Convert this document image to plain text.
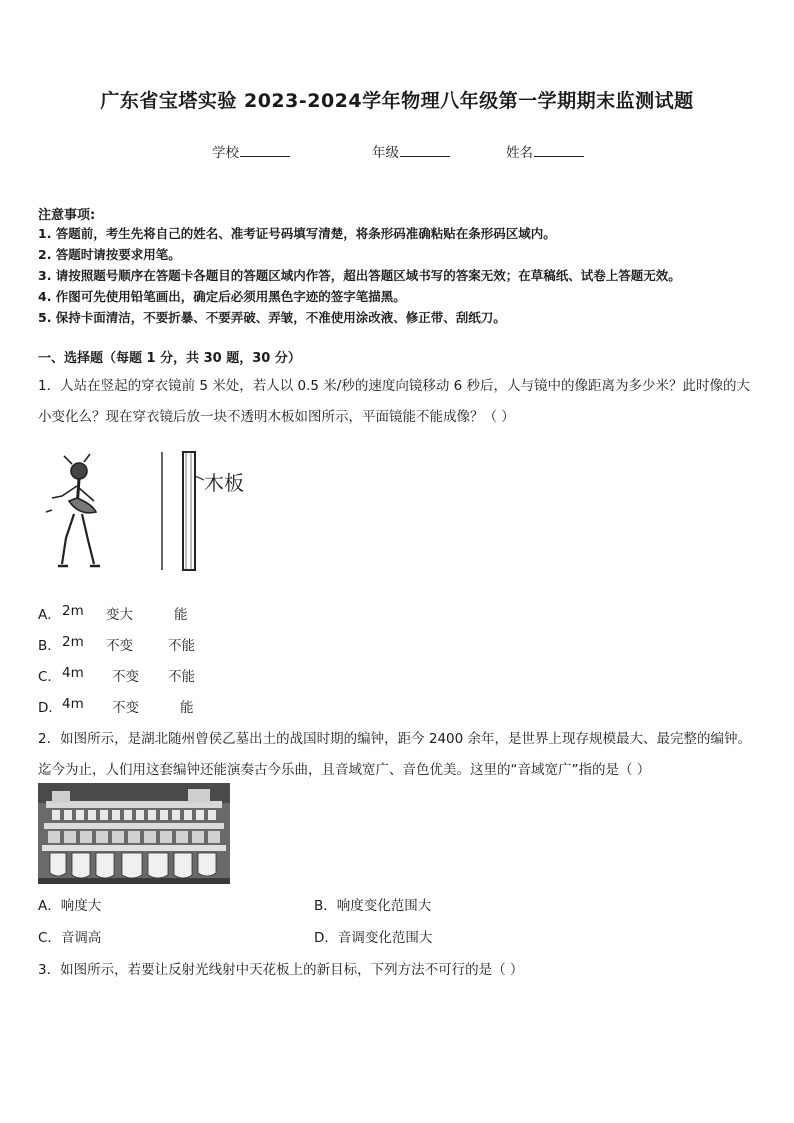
广东省宝塔实验 2023-2024学年物理八年级第一学期期末监测试题
学校	年级	姓名
注意事项:
1. 答题前，考生先将自己的姓名、准考证号码填写清楚，将条形码准确粘贴在条形码区域内。
2. 答题时请按要求用笔。
3. 请按照题号顺序在答题卡各题目的答题区域内作答，超出答题区域书写的答案无效；在草稿纸、试卷上答题无效。
4. 作图可先使用铅笔画出，确定后必须用黑色字迹的签字笔描黑。
5. 保持卡面清洁，不要折暴、不要弄破、弄皱，不准使用涂改液、修正带、刮纸刀。
一、选择题（每题 1 分，共 30 题，30 分）
1．人站在竖起的穿衣镜前 5 米处，若人以 0.5 米/秒的速度向镜移动 6 秒后，人与镜中的像距离为多少米？此时像的大
小变化么？现在穿衣镜后放一块不透明木板如图所示，平面镜能不能成像？（ ）
木板
A． 2m 变大	能
B． 2m 不变	不能
C． 4m 不变 不能
D． 4m 不变	能
2．如图所示，是湖北随州曾侯乙墓出土的战国时期的编钟，距今 2400 余年，是世界上现存规模最大、最完整的编钟。
迄今为止，人们用这套编钟还能演奏古今乐曲，且音域宽广、音色优美。这里的“音域宽广”指的是（ ）
A．响度大	B．响度变化范围大
C．音调高	D．音调变化范围大
3．如图所示，若要让反射光线射中天花板上的新目标，下列方法不可行的是（ ）
